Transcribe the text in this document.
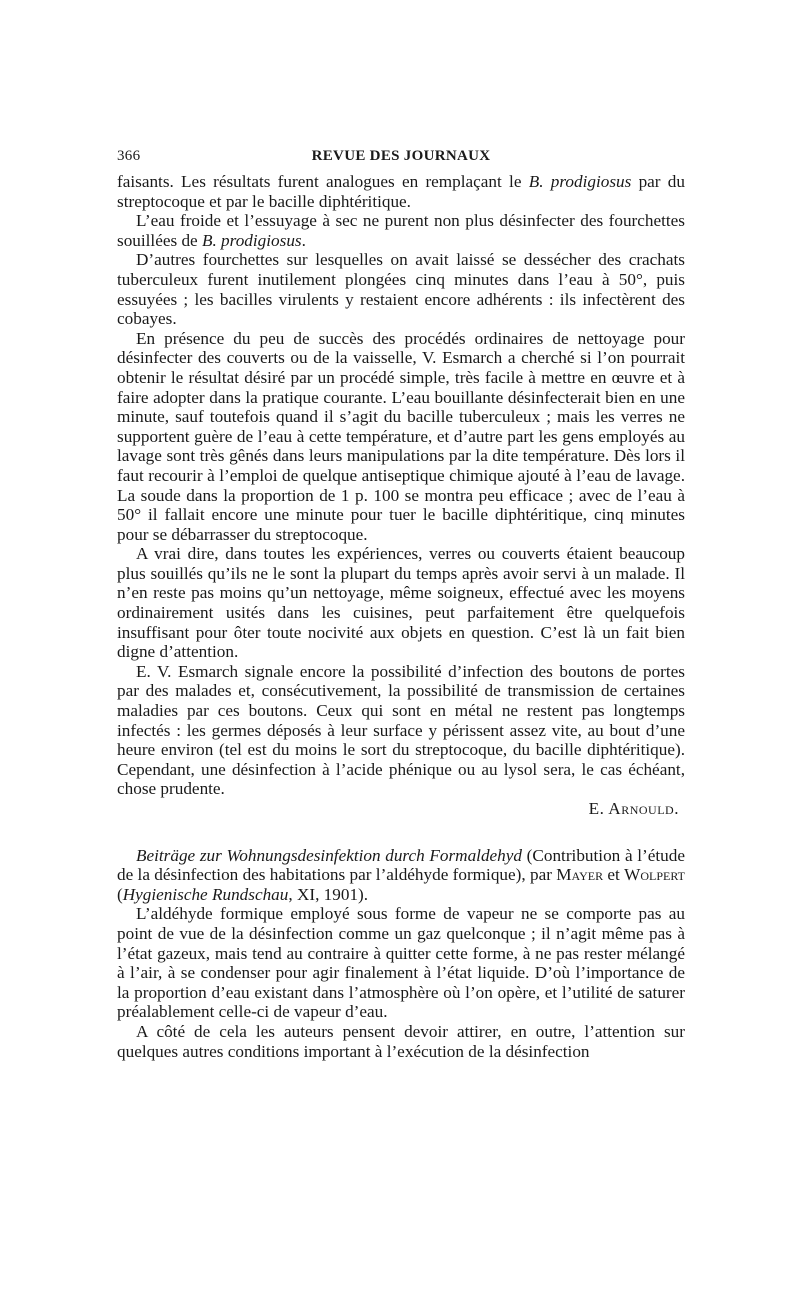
366	REVUE DES JOURNAUX

faisants. Les résultats furent analogues en remplaçant le B. prodigiosus par du streptocoque et par le bacille diphtéritique.

L’eau froide et l’essuyage à sec ne purent non plus désinfecter des fourchettes souillées de B. prodigiosus.

D’autres fourchettes sur lesquelles on avait laissé se dessécher des crachats tuberculeux furent inutilement plongées cinq minutes dans l’eau à 50°, puis essuyées ; les bacilles virulents y restaient encore adhérents : ils infectèrent des cobayes.

En présence du peu de succès des procédés ordinaires de nettoyage pour désinfecter des couverts ou de la vaisselle, V. Esmarch a cherché si l’on pourrait obtenir le résultat désiré par un procédé simple, très facile à mettre en œuvre et à faire adopter dans la pratique courante. L’eau bouillante désinfecterait bien en une minute, sauf toutefois quand il s’agit du bacille tuberculeux ; mais les verres ne supportent guère de l’eau à cette température, et d’autre part les gens employés au lavage sont très gênés dans leurs manipulations par la dite température. Dès lors il faut recourir à l’emploi de quelque antiseptique chimique ajouté à l’eau de lavage. La soude dans la proportion de 1 p. 100 se montra peu efficace ; avec de l’eau à 50° il fallait encore une minute pour tuer le bacille diphtéritique, cinq minutes pour se débarrasser du streptocoque.

A vrai dire, dans toutes les expériences, verres ou couverts étaient beaucoup plus souillés qu’ils ne le sont la plupart du temps après avoir servi à un malade. Il n’en reste pas moins qu’un nettoyage, même soigneux, effectué avec les moyens ordinairement usités dans les cuisines, peut parfaitement être quelquefois insuffisant pour ôter toute nocivité aux objets en question. C’est là un fait bien digne d’attention.

E. V. Esmarch signale encore la possibilité d’infection des boutons de portes par des malades et, consécutivement, la possibilité de transmission de certaines maladies par ces boutons. Ceux qui sont en métal ne restent pas longtemps infectés : les germes déposés à leur surface y périssent assez vite, au bout d’une heure environ (tel est du moins le sort du streptocoque, du bacille diphtéritique). Cependant, une désinfection à l’acide phénique ou au lysol sera, le cas échéant, chose prudente.

E. Arnould.

Beiträge zur Wohnungsdesinfektion durch Formaldehyd (Contribution à l’étude de la désinfection des habitations par l’aldéhyde formique), par Mayer et Wolpert (Hygienische Rundschau, XI, 1901).

L’aldéhyde formique employé sous forme de vapeur ne se comporte pas au point de vue de la désinfection comme un gaz quelconque ; il n’agit même pas à l’état gazeux, mais tend au contraire à quitter cette forme, à ne pas rester mélangé à l’air, à se condenser pour agir finalement à l’état liquide. D’où l’importance de la proportion d’eau existant dans l’atmosphère où l’on opère, et l’utilité de saturer préalablement celle-ci de vapeur d’eau.

A côté de cela les auteurs pensent devoir attirer, en outre, l’attention sur quelques autres conditions important à l’exécution de la désinfection
